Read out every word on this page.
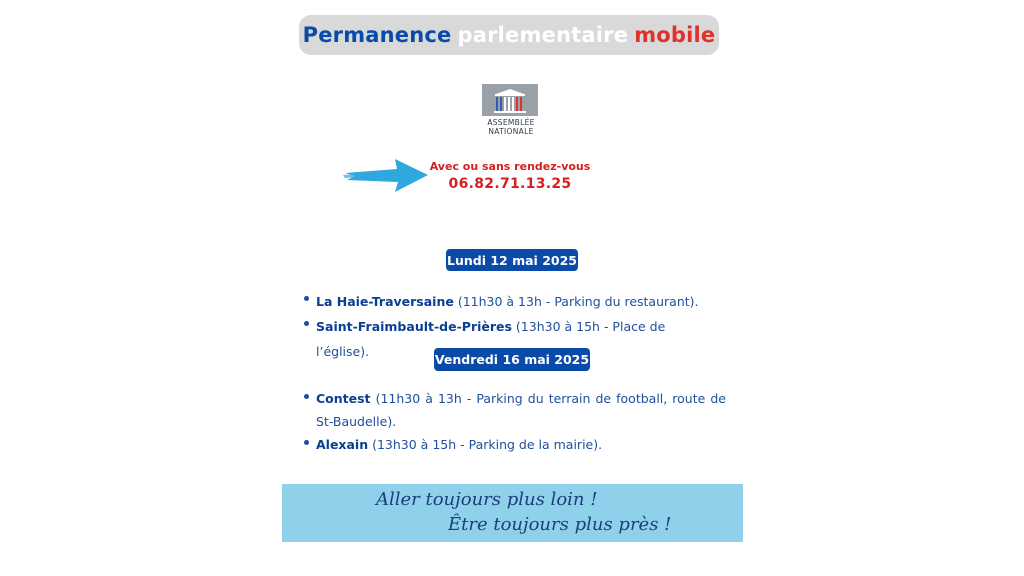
Permanence parlementaire mobile
ASSEMBLÉE
NATIONALE
Avec ou sans rendez-vous
06.82.71.13.25
Lundi 12 mai 2025
La Haie-Traversaine (11h30 à 13h - Parking du restaurant).
Saint-Fraimbault-de-Prières (13h30 à 15h - Place de l’église).
Vendredi 16 mai 2025
Contest (11h30 à 13h - Parking du terrain de football, route de St-Baudelle).
Alexain (13h30 à 15h - Parking de la mairie).
Aller toujours plus loin !
Être toujours plus près !
